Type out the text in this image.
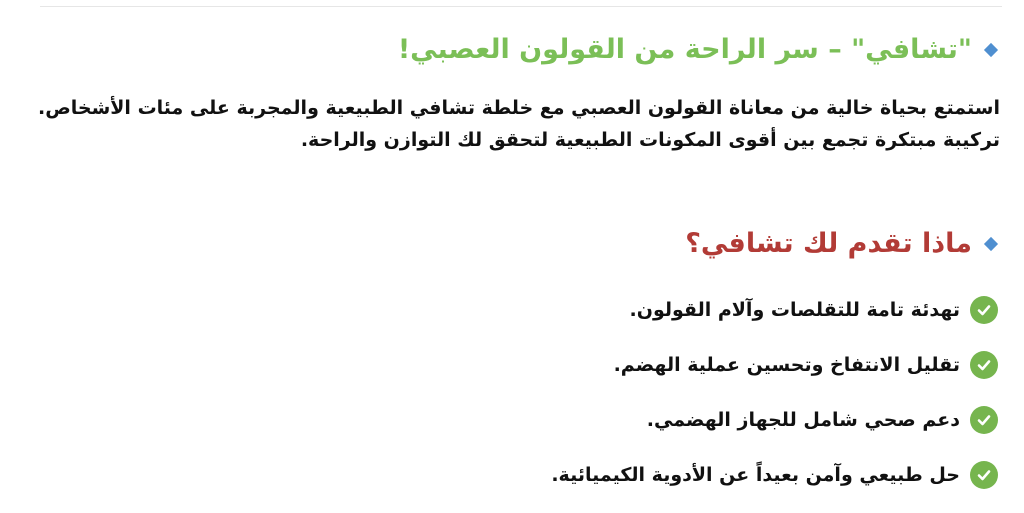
"تشافي" – سر الراحة من القولون العصبي!

استمتع بحياة خالية من معاناة القولون العصبي مع خلطة تشافي الطبيعية والمجربة على مئات الأشخاص. تركيبة مبتكرة تجمع بين أقوى المكونات الطبيعية لتحقق لك التوازن والراحة.

ماذا تقدم لك تشافي؟
تهدئة تامة للتقلصات وآلام القولون.
تقليل الانتفاخ وتحسين عملية الهضم.
دعم صحي شامل للجهاز الهضمي.
حل طبيعي وآمن بعيداً عن الأدوية الكيميائية.
